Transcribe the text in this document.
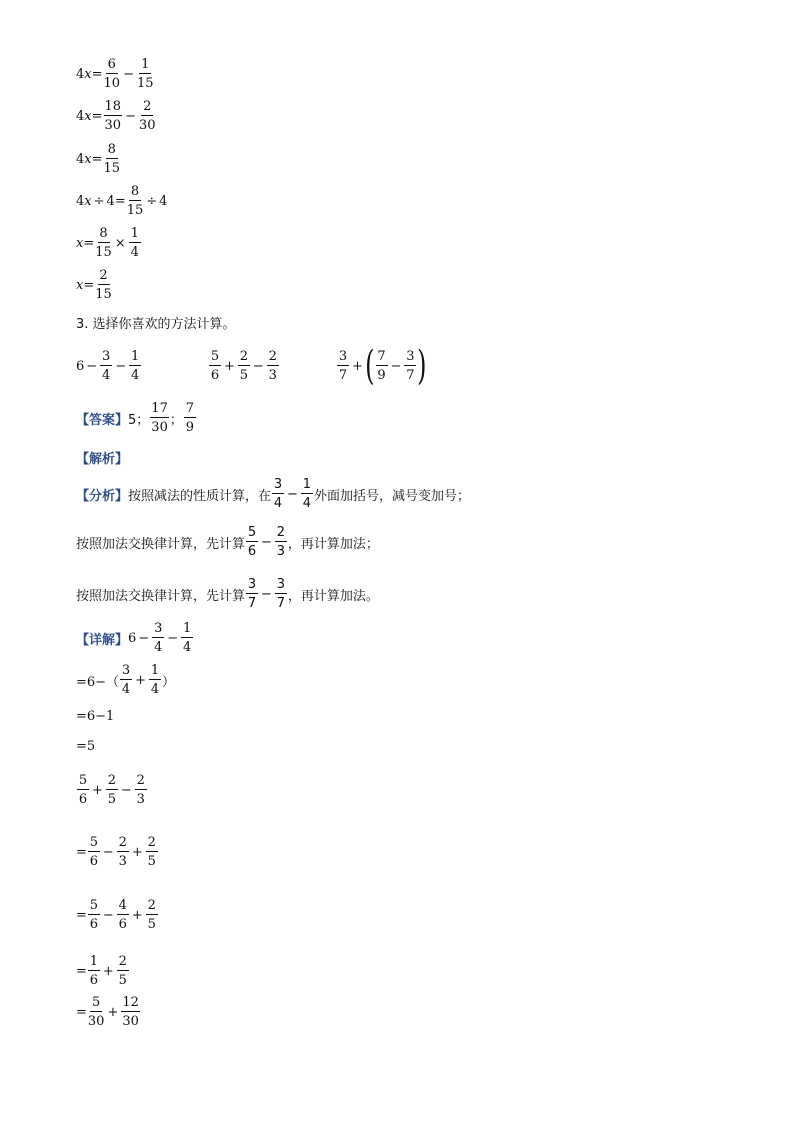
4 $x = \frac{6}{10} - \frac{1}{15}$
4 $x = \frac{18}{30} - \frac{2}{30}$
4 $x = \frac{8}{15}$
4 $x \div 4 = \frac{8}{15} \div 4$
$x = \frac{8}{15} \times \frac{1}{4}$
$x = \frac{2}{15}$
3. 选择你喜欢的方法计算。
$6 - \frac{3}{4} - \frac{1}{4}$	$\frac{5}{6} + \frac{2}{5} - \frac{2}{3}$	$\frac{3}{7}$ + ( $\frac{7}{9} - \frac{3}{7}$ )
【答案】 5； $\frac{17}{30}$ ； $\frac{7}{9}$
【解析】
【分析】 按照减法的性质计算，在 $\frac{3}{4} - \frac{1}{4}$ 外面加括号，减号变加号；
按照加法交换律计算，先计算 $\frac{5}{6} - \frac{2}{3}$ ，再计算加法；
按照加法交换律计算，先计算 $\frac{3}{7} - \frac{3}{7}$ ，再计算加法。
【详解】 $6 - \frac{3}{4} - \frac{1}{4}$
$=6-( \frac{3}{4} + \frac{1}{4}$ ）
=6−1
=5
$\frac{5}{6} + \frac{2}{5} - \frac{2}{3}$
= $\frac{5}{6} - \frac{2}{3} + \frac{2}{5}$
= $\frac{5}{6} - \frac{4}{6} + \frac{2}{5}$
= $\frac{1}{6} + \frac{2}{5}$
= $\frac{5}{30} + \frac{12}{30}$
